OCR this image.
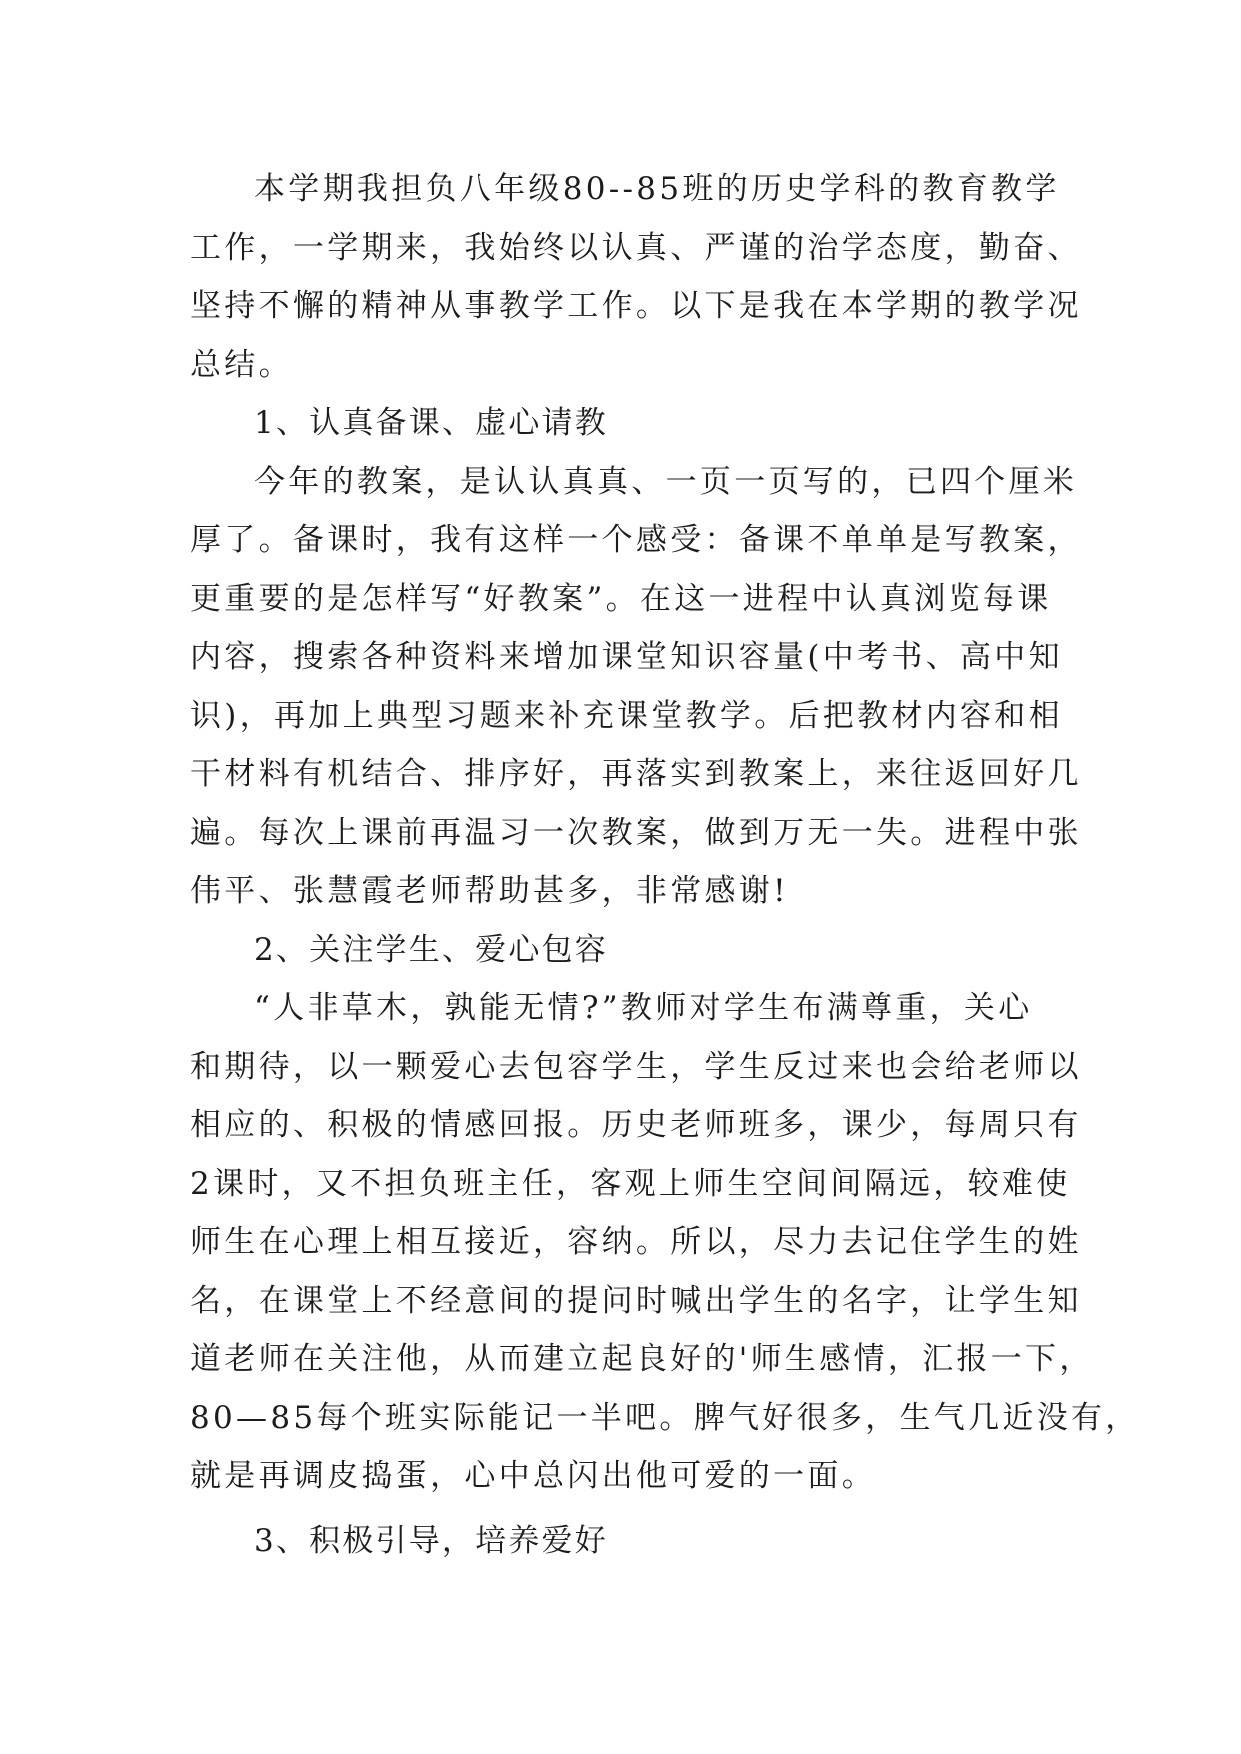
本学期我担负八年级80--85班的历史学科的教育教学
工作，一学期来，我始终以认真、严谨的治学态度，勤奋、
坚持不懈的精神从事教学工作。以下是我在本学期的教学况
总结。
1、认真备课、虚心请教
今年的教案，是认认真真、一页一页写的，已四个厘米
厚了。备课时，我有这样一个感受：备课不单单是写教案，
更重要的是怎样写“好教案”。在这一进程中认真浏览每课
内容，搜索各种资料来增加课堂知识容量(中考书、高中知
识)，再加上典型习题来补充课堂教学。后把教材内容和相
干材料有机结合、排序好，再落实到教案上，来往返回好几
遍。每次上课前再温习一次教案，做到万无一失。进程中张
伟平、张慧霞老师帮助甚多，非常感谢!
2、关注学生、爱心包容
“人非草木，孰能无情?”教师对学生布满尊重，关心
和期待，以一颗爱心去包容学生，学生反过来也会给老师以
相应的、积极的情感回报。历史老师班多，课少，每周只有
2课时，又不担负班主任，客观上师生空间间隔远，较难使
师生在心理上相互接近，容纳。所以，尽力去记住学生的姓
名，在课堂上不经意间的提问时喊出学生的名字，让学生知
道老师在关注他，从而建立起良好的'师生感情，汇报一下，
80—85每个班实际能记一半吧。脾气好很多，生气几近没有，
就是再调皮捣蛋，心中总闪出他可爱的一面。
3、积极引导，培养爱好
